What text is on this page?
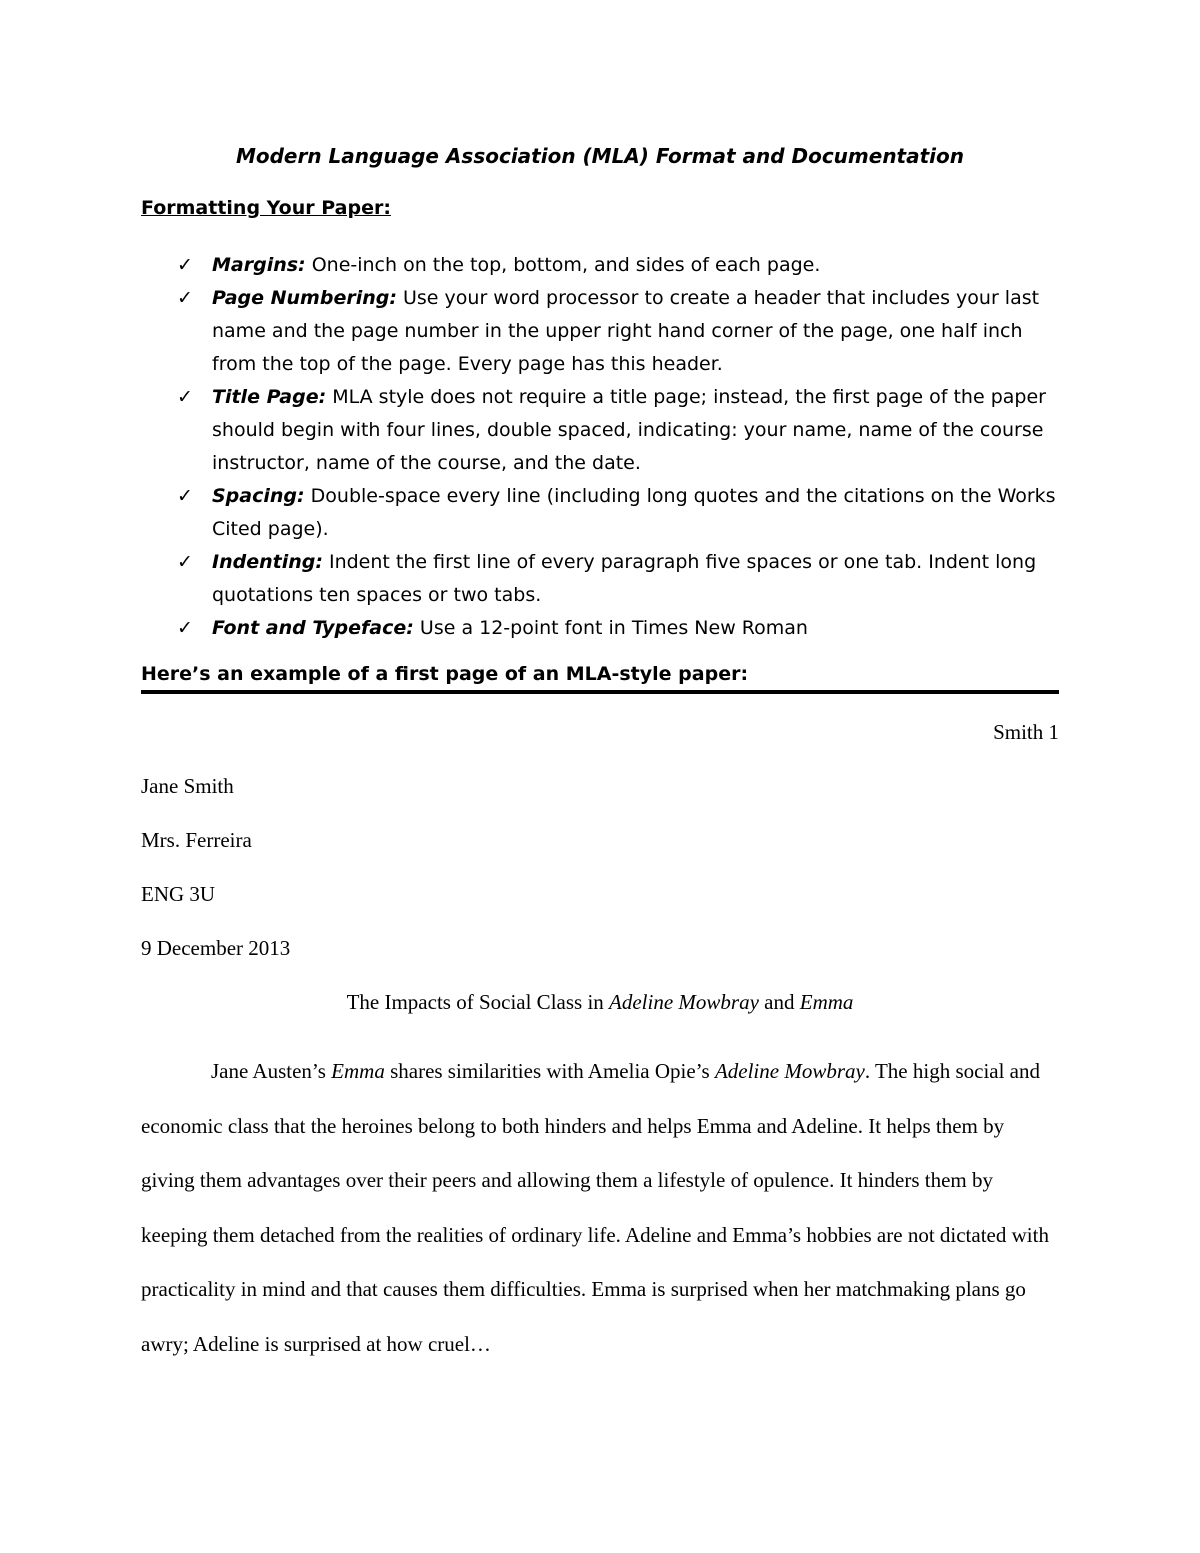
Modern Language Association (MLA) Format and Documentation
Formatting Your Paper:
✓ Margins: One-inch on the top, bottom, and sides of each page.
✓ Page Numbering: Use your word processor to create a header that includes your last name and the page number in the upper right hand corner of the page, one half inch from the top of the page. Every page has this header.
✓ Title Page: MLA style does not require a title page; instead, the first page of the paper should begin with four lines, double spaced, indicating: your name, name of the course instructor, name of the course, and the date.
✓ Spacing: Double-space every line (including long quotes and the citations on the Works Cited page).
✓ Indenting: Indent the first line of every paragraph five spaces or one tab. Indent long quotations ten spaces or two tabs.
✓ Font and Typeface: Use a 12-point font in Times New Roman
Here’s an example of a first page of an MLA-style paper:
Smith 1
Jane Smith
Mrs. Ferreira
ENG 3U
9 December 2013
The Impacts of Social Class in Adeline Mowbray and Emma

Jane Austen’s Emma shares similarities with Amelia Opie’s Adeline Mowbray. The high social and economic class that the heroines belong to both hinders and helps Emma and Adeline. It helps them by giving them advantages over their peers and allowing them a lifestyle of opulence. It hinders them by keeping them detached from the realities of ordinary life. Adeline and Emma’s hobbies are not dictated with practicality in mind and that causes them difficulties. Emma is surprised when her matchmaking plans go awry; Adeline is surprised at how cruel…
